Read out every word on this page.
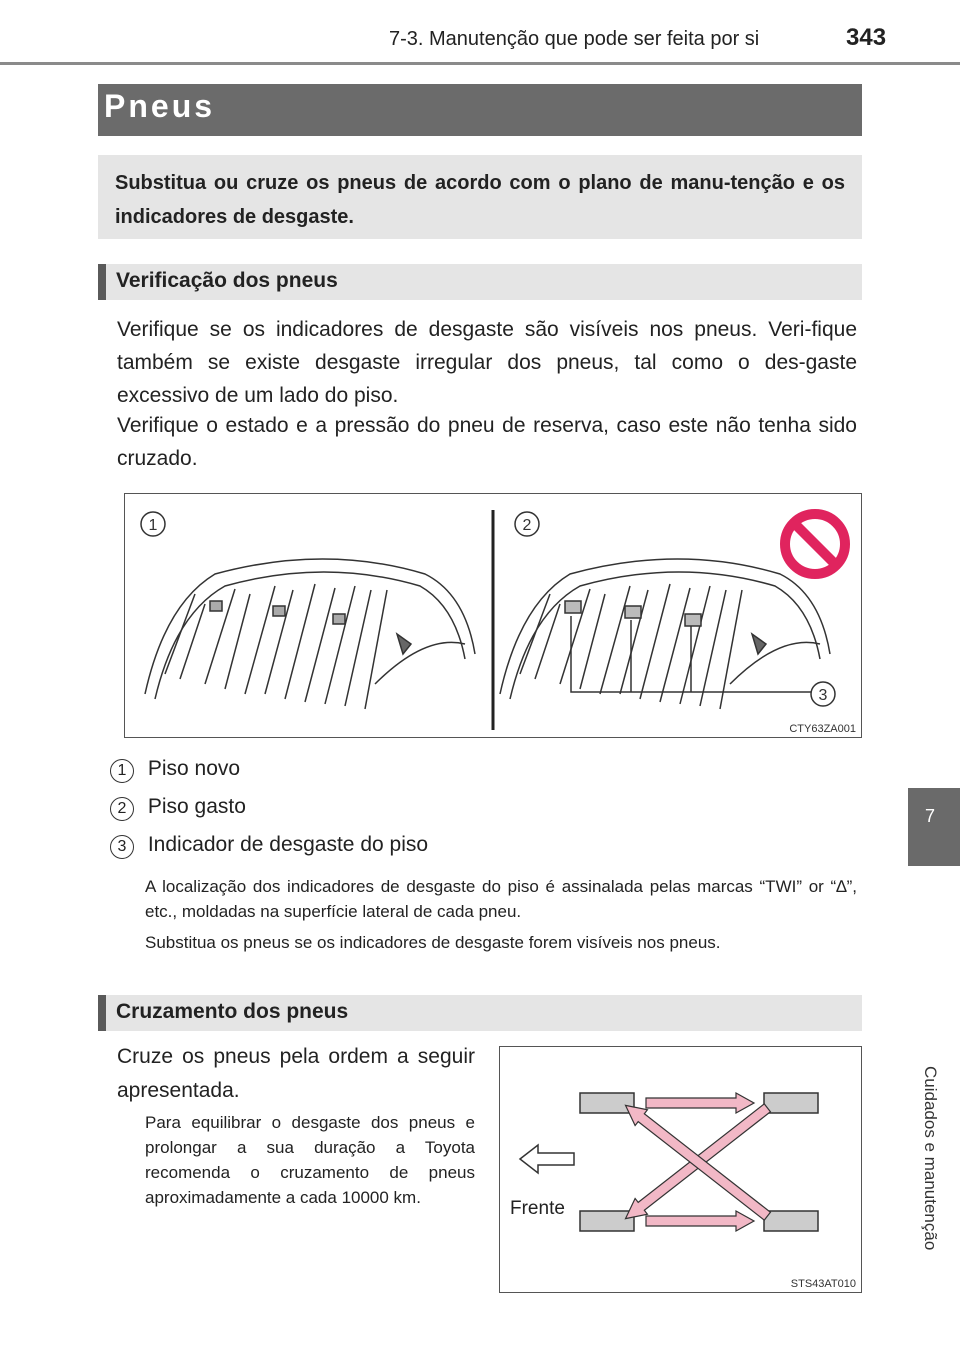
7-3. Manutenção que pode ser feita por si	343
7
Cuidados e manutenção
Pneus
Substitua ou cruze os pneus de acordo com o plano de manu-tenção e os indicadores de desgaste.
Verificação dos pneus
Verifique se os indicadores de desgaste são visíveis nos pneus. Veri-fique também se existe desgaste irregular dos pneus, tal como o des-gaste excessivo de um lado do piso.
Verifique o estado e a pressão do pneu de reserva, caso este não tenha sido cruzado.
1	2
3
CTY63ZA001
1 Piso novo
2 Piso gasto
3 Indicador de desgaste do piso
A localização dos indicadores de desgaste do piso é assinalada pelas marcas “TWI” or “∆”, etc., moldadas na superfície lateral de cada pneu.
Substitua os pneus se os indicadores de desgaste forem visíveis nos pneus.
Cruzamento dos pneus
Cruze os pneus pela ordem a seguir apresentada.
Para equilibrar o desgaste dos pneus e prolongar a sua duração a Toyota recomenda o cruzamento de pneus aproximadamente a cada 10000 km.
Frente
STS43AT010
